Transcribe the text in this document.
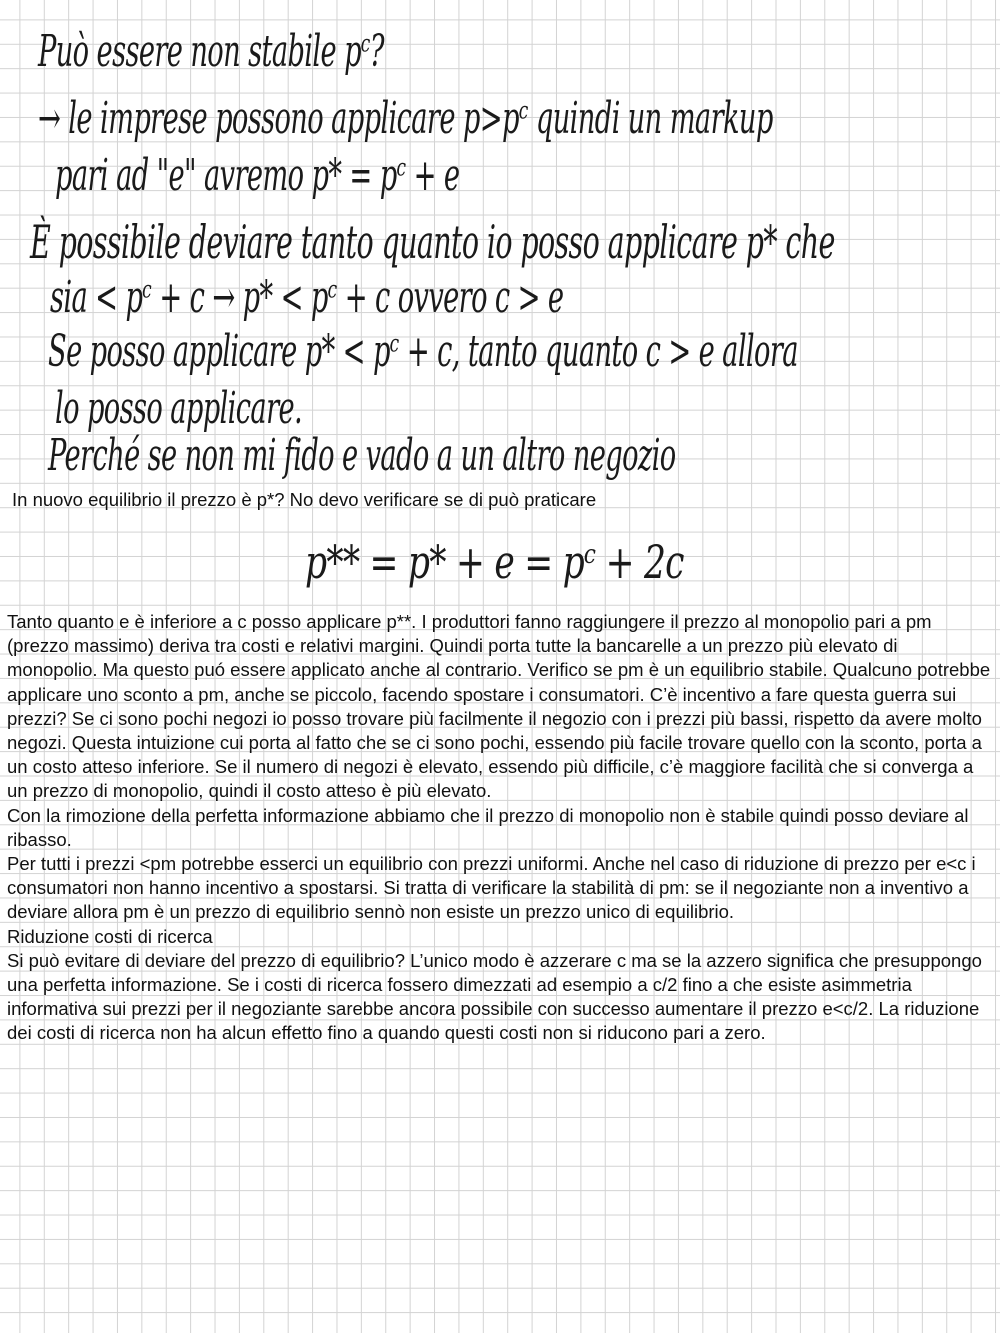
Può essere non stabile pᶜ?
→ le imprese possono applicare p>pᶜ quindi un markup
pari ad "e" avremo p* = pᶜ + e
È possibile deviare tanto quanto io posso applicare p* che
sia < pᶜ + c → p* < pᶜ + c ovvero c > e
Se posso applicare p* < pᶜ + c, tanto quanto c > e allora
lo posso applicare.
Perché se non mi fido e vado a un altro negozio
In nuovo equilibrio il prezzo è p*? No devo verificare se di può praticare
p** = p* + e = pᶜ + 2c

Tanto quanto e è inferiore a c posso applicare p**. I produttori fanno raggiungere il prezzo al monopolio pari a pm (prezzo massimo) deriva tra costi e relativi margini. Quindi porta tutte la bancarelle a un prezzo più elevato di monopolio. Ma questo puó essere applicato anche al contrario. Verifico se pm è un equilibrio stabile. Qualcuno potrebbe applicare uno sconto a pm, anche se piccolo, facendo spostare i consumatori. C’è incentivo a fare questa guerra sui prezzi? Se ci sono pochi negozi io posso trovare più facilmente il negozio con i prezzi più bassi, rispetto da avere molto negozi. Questa intuizione cui porta al fatto che se ci sono pochi, essendo più facile trovare quello con la sconto, porta a un costo atteso inferiore. Se il numero di negozi è elevato, essendo più difficile, c’è maggiore facilità che si converga a un prezzo di monopolio, quindi il costo atteso è più elevato.

Con la rimozione della perfetta informazione abbiamo che il prezzo di monopolio non è stabile quindi posso deviare al ribasso.

Per tutti i prezzi <pm potrebbe esserci un equilibrio con prezzi uniformi. Anche nel caso di riduzione di prezzo per e<c i consumatori non hanno incentivo a spostarsi. Si tratta di verificare la stabilità di pm: se il negoziante non a inventivo a deviare allora pm è un prezzo di equilibrio sennò non esiste un prezzo unico di equilibrio.

Riduzione costi di ricerca

Si può evitare di deviare del prezzo di equilibrio? L’unico modo è azzerare c ma se la azzero significa che presuppongo una perfetta informazione. Se i costi di ricerca fossero dimezzati ad esempio a c/2 fino a che esiste asimmetria informativa sui prezzi per il negoziante sarebbe ancora possibile con successo aumentare il prezzo e<c/2. La riduzione dei costi di ricerca non ha alcun effetto fino a quando questi costi non si riducono pari a zero.
